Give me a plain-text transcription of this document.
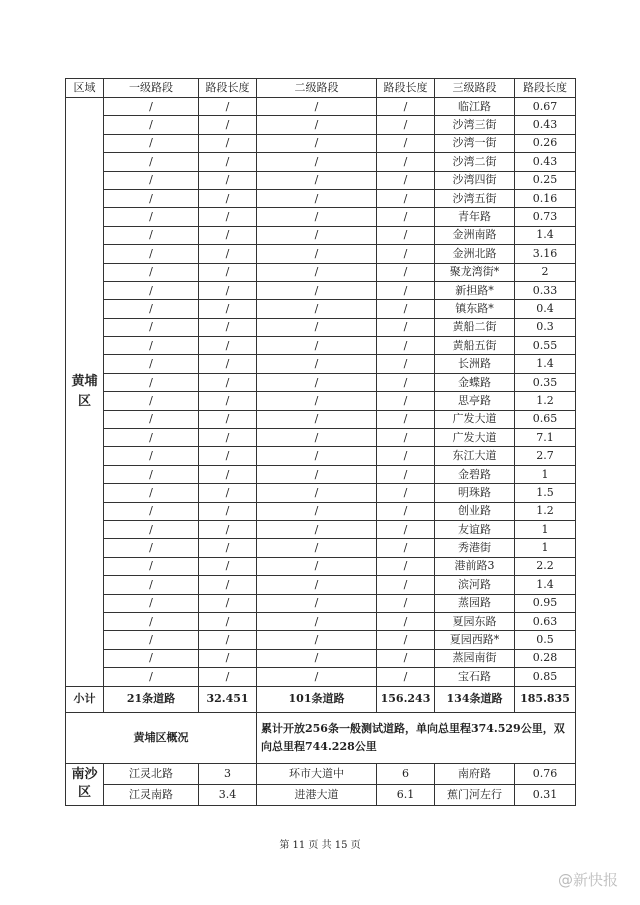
区域	一级路段	路段长度	二级路段	路段长度	三级路段	路段长度
黄埔区	/	/	/	/	临江路	0.67
	/	/	/	/	沙湾三街	0.43
	/	/	/	/	沙湾一街	0.26
	/	/	/	/	沙湾二街	0.43
	/	/	/	/	沙湾四街	0.25
	/	/	/	/	沙湾五街	0.16
	/	/	/	/	青年路	0.73
	/	/	/	/	金洲南路	1.4
	/	/	/	/	金洲北路	3.16
	/	/	/	/	聚龙湾街*	2
	/	/	/	/	新担路*	0.33
	/	/	/	/	镇东路*	0.4
	/	/	/	/	黄船二街	0.3
	/	/	/	/	黄船五街	0.55
	/	/	/	/	长洲路	1.4
	/	/	/	/	金蝶路	0.35
	/	/	/	/	思亭路	1.2
	/	/	/	/	广发大道	0.65
	/	/	/	/	广发大道	7.1
	/	/	/	/	东江大道	2.7
	/	/	/	/	金碧路	1
	/	/	/	/	明珠路	1.5
	/	/	/	/	创业路	1.2
	/	/	/	/	友谊路	1
	/	/	/	/	秀港街	1
	/	/	/	/	港前路3	2.2
	/	/	/	/	滨河路	1.4
	/	/	/	/	蒸园路	0.95
	/	/	/	/	夏园东路	0.63
	/	/	/	/	夏园西路*	0.5
	/	/	/	/	蒸园南街	0.28
	/	/	/	/	宝石路	0.85
小计	21条道路	32.451	101条道路	156.243	134条道路	185.835
黄埔区概况			累计开放256条一般测试道路，单向总里程374.529公里，双向总里程744.228公里			
南沙区	江灵北路	3	环市大道中	6	南府路	0.76
	江灵南路	3.4	进港大道	6.1	蕉门河左行	0.31
第 11 页 共 15 页
@新快报
